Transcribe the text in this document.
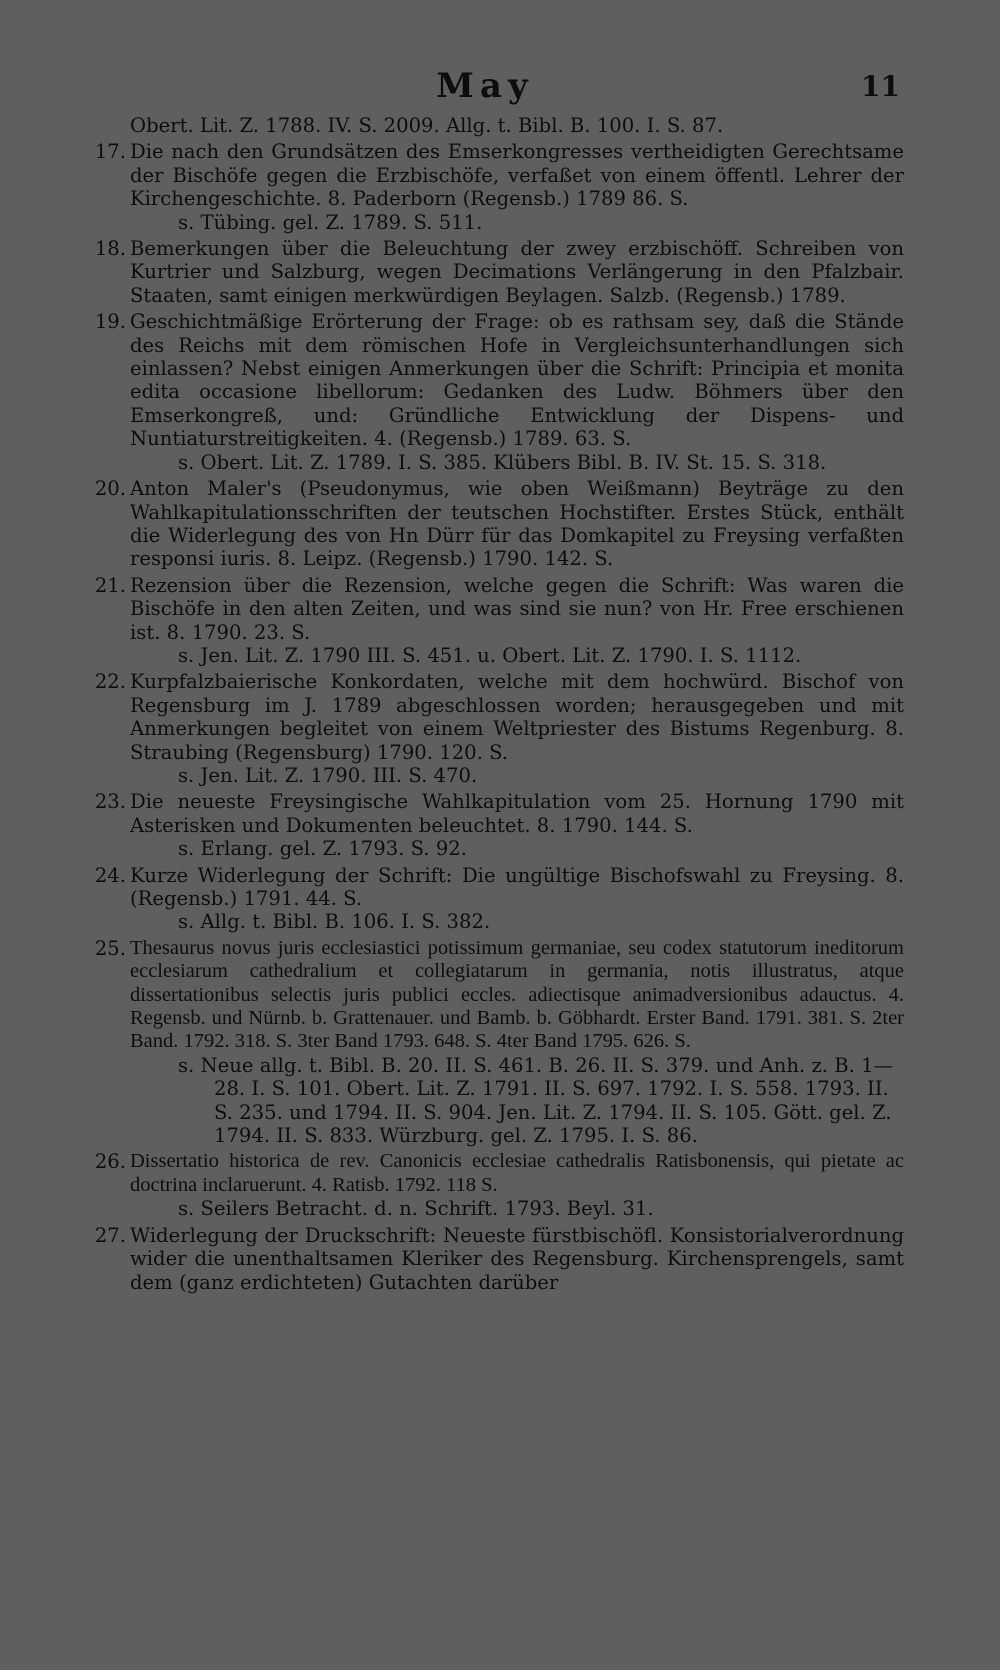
May	11
Obert. Lit. Z. 1788. IV. S. 2009. Allg. t. Bibl. B. 100. I. S. 87.
17. Die nach den Grundsätzen des Emserkongresses vertheidigten Gerechtsame der Bischöfe gegen die Erzbischöfe, verfaßet von einem öffentl. Lehrer der Kirchengeschichte. 8. Paderborn (Regensb.) 1789 86. S.
s. Tübing. gel. Z. 1789. S. 511.
18. Bemerkungen über die Beleuchtung der zwey erzbischöff. Schreiben von Kurtrier und Salzburg, wegen Decimations Verlängerung in den Pfalzbair. Staaten, samt einigen merkwürdigen Beylagen. Salzb. (Regensb.) 1789.
19. Geschichtmäßige Erörterung der Frage: ob es rathsam sey, daß die Stände des Reichs mit dem römischen Hofe in Vergleichsunterhandlungen sich einlassen? Nebst einigen Anmerkungen über die Schrift: Principia et monita edita occasione libellorum: Gedanken des Ludw. Böhmers über den Emserkongreß, und: Gründliche Entwicklung der Dispens- und Nuntiaturstreitigkeiten. 4. (Regensb.) 1789. 63. S.
s. Obert. Lit. Z. 1789. I. S. 385. Klübers Bibl. B. IV. St. 15. S. 318.
20. Anton Maler's (Pseudonymus, wie oben Weißmann) Beyträge zu den Wahlkapitulationsschriften der teutschen Hochstifter. Erstes Stück, enthält die Widerlegung des von Hn Dürr für das Domkapitel zu Freysing verfaßten responsi iuris. 8. Leipz. (Regensb.) 1790. 142. S.
21. Rezension über die Rezension, welche gegen die Schrift: Was waren die Bischöfe in den alten Zeiten, und was sind sie nun? von Hr. Free erschienen ist. 8. 1790. 23. S.
s. Jen. Lit. Z. 1790 III. S. 451. u. Obert. Lit. Z. 1790. I. S. 1112.
22. Kurpfalzbaierische Konkordaten, welche mit dem hochwürd. Bischof von Regensburg im J. 1789 abgeschlossen worden; herausgegeben und mit Anmerkungen begleitet von einem Weltpriester des Bistums Regenburg. 8. Straubing (Regensburg) 1790. 120. S.
s. Jen. Lit. Z. 1790. III. S. 470.
23. Die neueste Freysingische Wahlkapitulation vom 25. Hornung 1790 mit Asterisken und Dokumenten beleuchtet. 8. 1790. 144. S.
s. Erlang. gel. Z. 1793. S. 92.
24. Kurze Widerlegung der Schrift: Die ungültige Bischofswahl zu Freysing. 8. (Regensb.) 1791. 44. S.
s. Allg. t. Bibl. B. 106. I. S. 382.
25. Thesaurus novus juris ecclesiastici potissimum germaniae, seu codex statutorum ineditorum ecclesiarum cathedralium et collegiatarum in germania, notis illustratus, atque dissertationibus selectis juris publici eccles. adiectisque animadversionibus adauctus. 4. Regensb. und Nürnb. b. Grattenauer. und Bamb. b. Göbhardt. Erster Band. 1791. 381. S. 2ter Band. 1792. 318. S. 3ter Band 1793. 648. S. 4ter Band 1795. 626. S.
s. Neue allg. t. Bibl. B. 20. II. S. 461. B. 26. II. S. 379. und Anh. z. B. 1—28. I. S. 101. Obert. Lit. Z. 1791. II. S. 697. 1792. I. S. 558. 1793. II. S. 235. und 1794. II. S. 904. Jen. Lit. Z. 1794. II. S. 105. Gött. gel. Z. 1794. II. S. 833. Würzburg. gel. Z. 1795. I. S. 86.
26. Dissertatio historica de rev. Canonicis ecclesiae cathedralis Ratisbonensis, qui pietate ac doctrina inclaruerunt. 4. Ratisb. 1792. 118 S.
s. Seilers Betracht. d. n. Schrift. 1793. Beyl. 31.
27. Widerlegung der Druckschrift: Neueste fürstbischöfl. Konsistorialverordnung wider die unenthaltsamen Kleriker des Regensburg. Kirchensprengels, samt dem (ganz erdichteten) Gutachten darüber
